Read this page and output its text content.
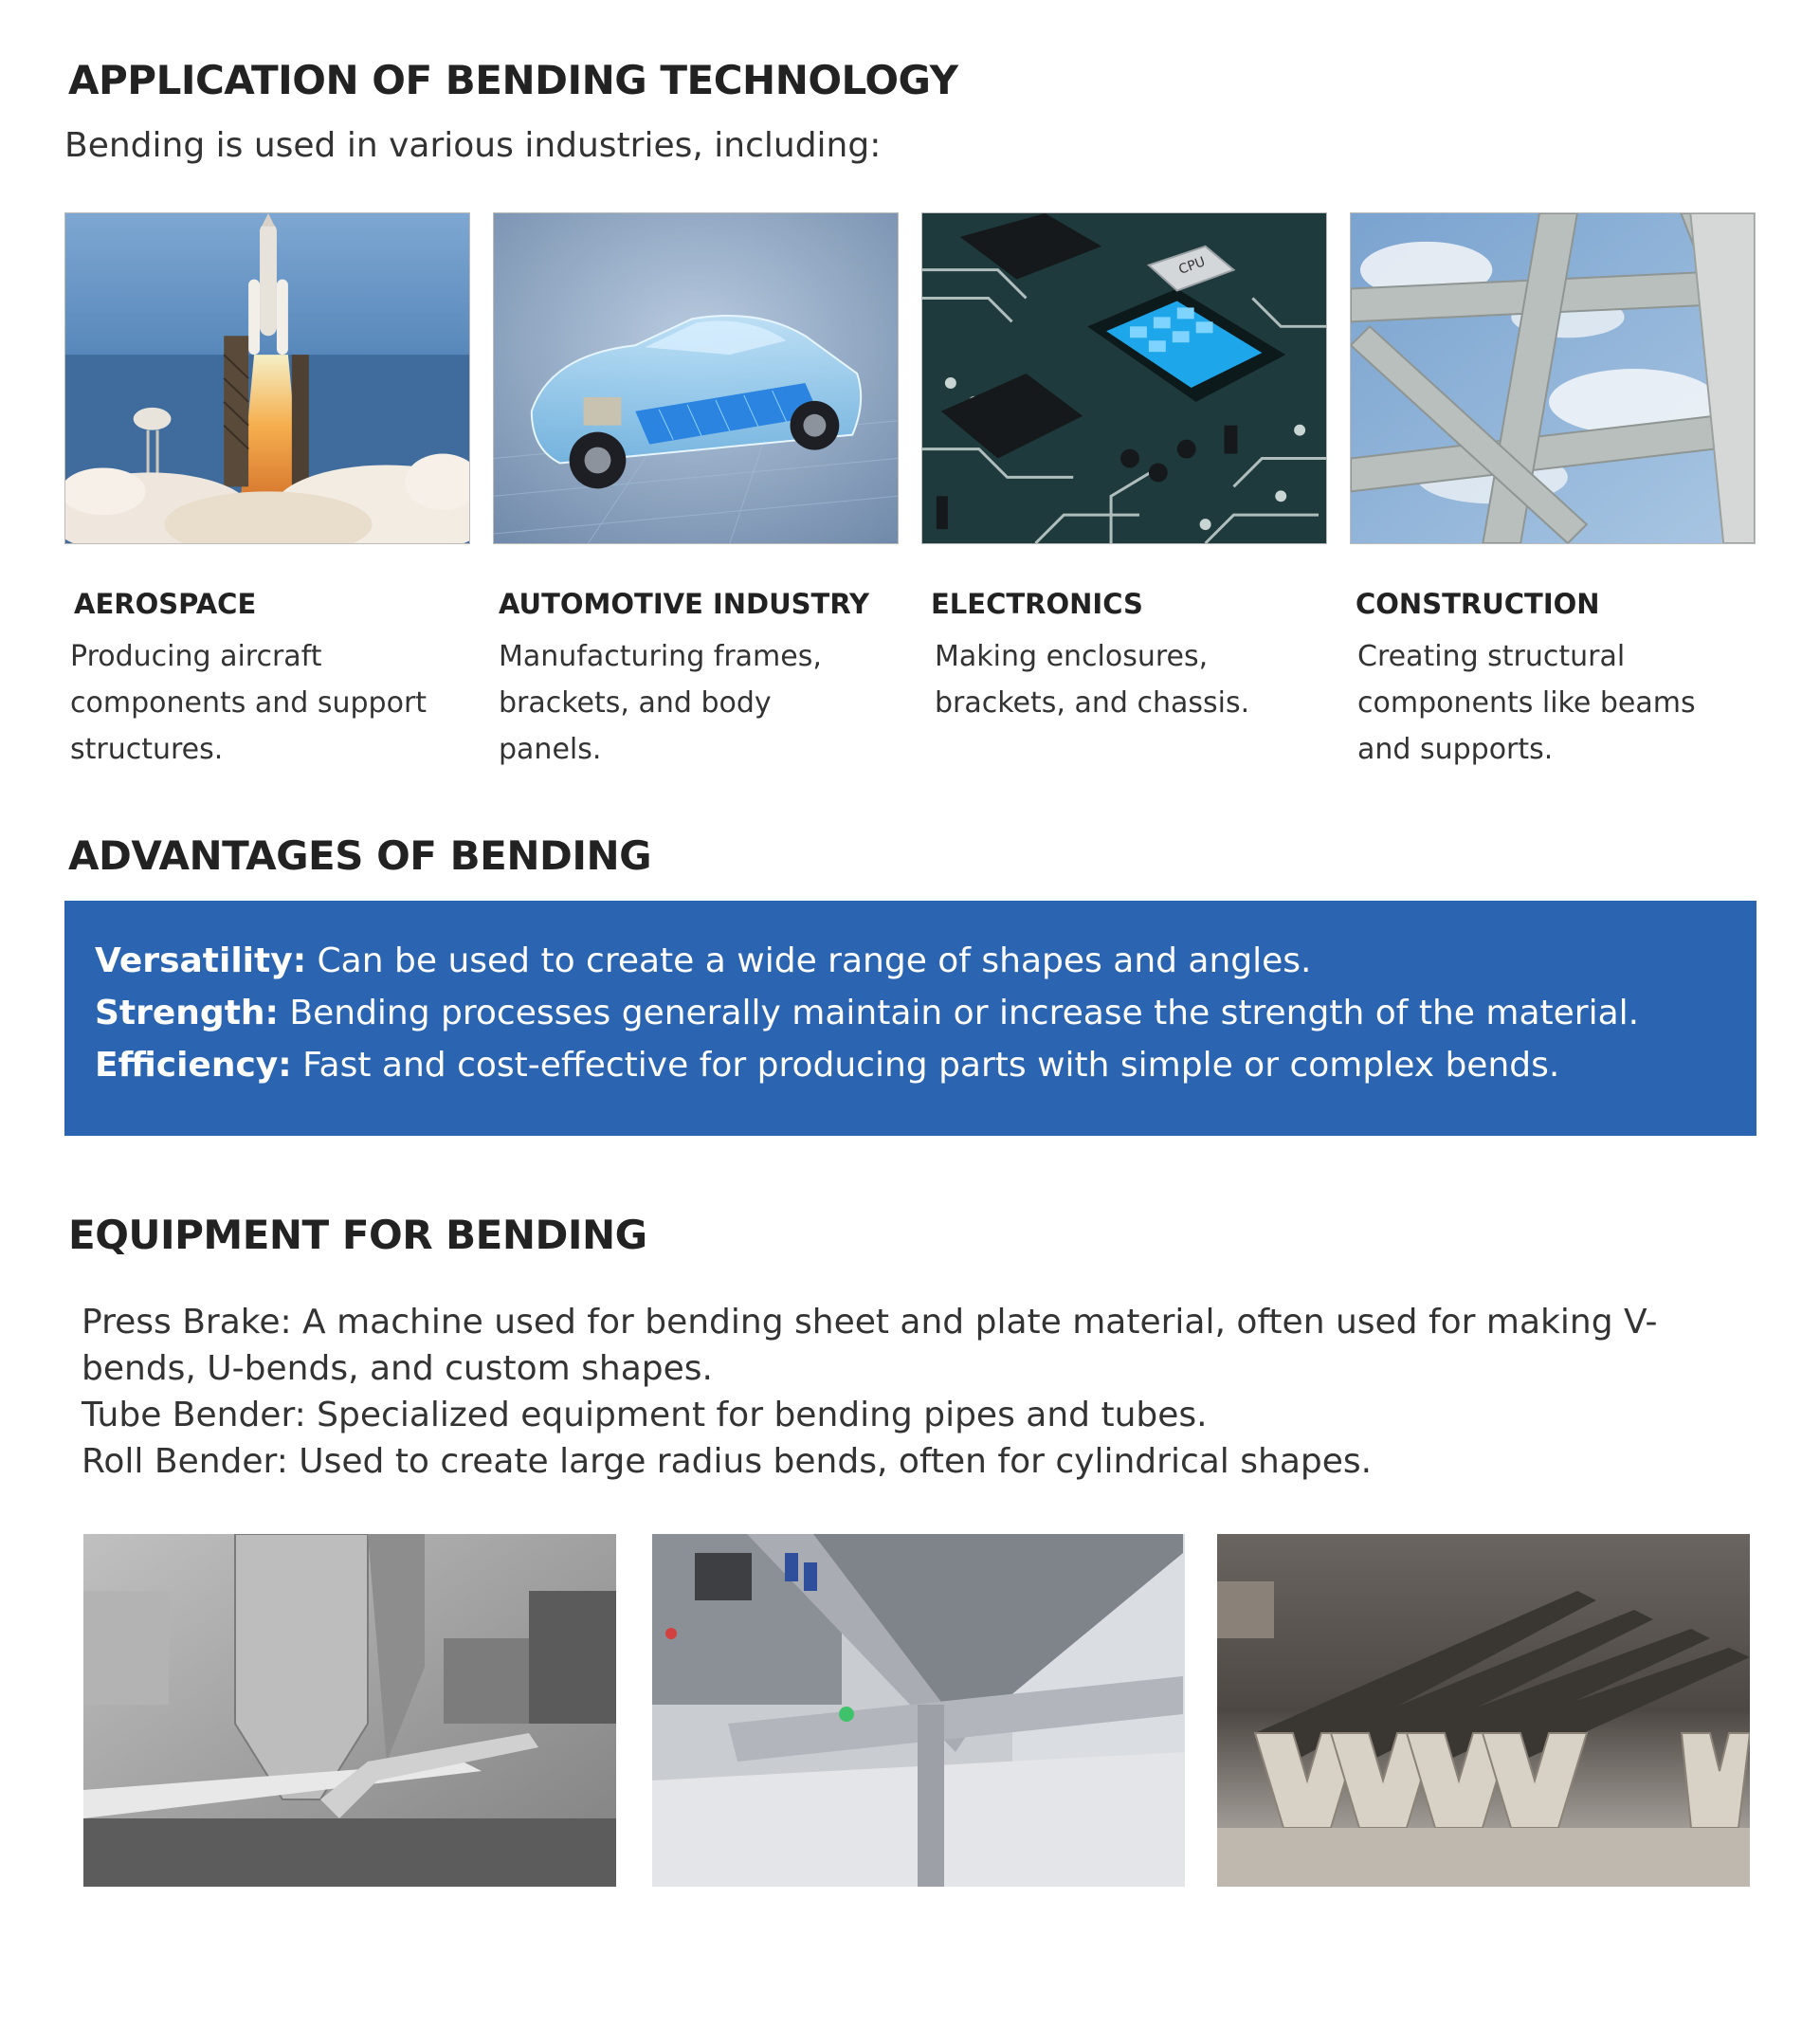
APPLICATION OF BENDING TECHNOLOGY
Bending is used in various industries, including:
CPU
AEROSPACE
Producing aircraft components and support structures.
AUTOMOTIVE INDUSTRY
Manufacturing frames, brackets, and body panels.
ELECTRONICS
Making enclosures, brackets, and chassis.
CONSTRUCTION
Creating structural components like beams and supports.
ADVANTAGES OF BENDING
Versatility: Can be used to create a wide range of shapes and angles.
Strength: Bending processes generally maintain or increase the strength of the material.
Efficiency: Fast and cost-effective for producing parts with simple or complex bends.
EQUIPMENT FOR BENDING
Press Brake: A machine used for bending sheet and plate material, often used for making V-bends, U-bends, and custom shapes.
Tube Bender: Specialized equipment for bending pipes and tubes.
Roll Bender: Used to create large radius bends, often for cylindrical shapes.
